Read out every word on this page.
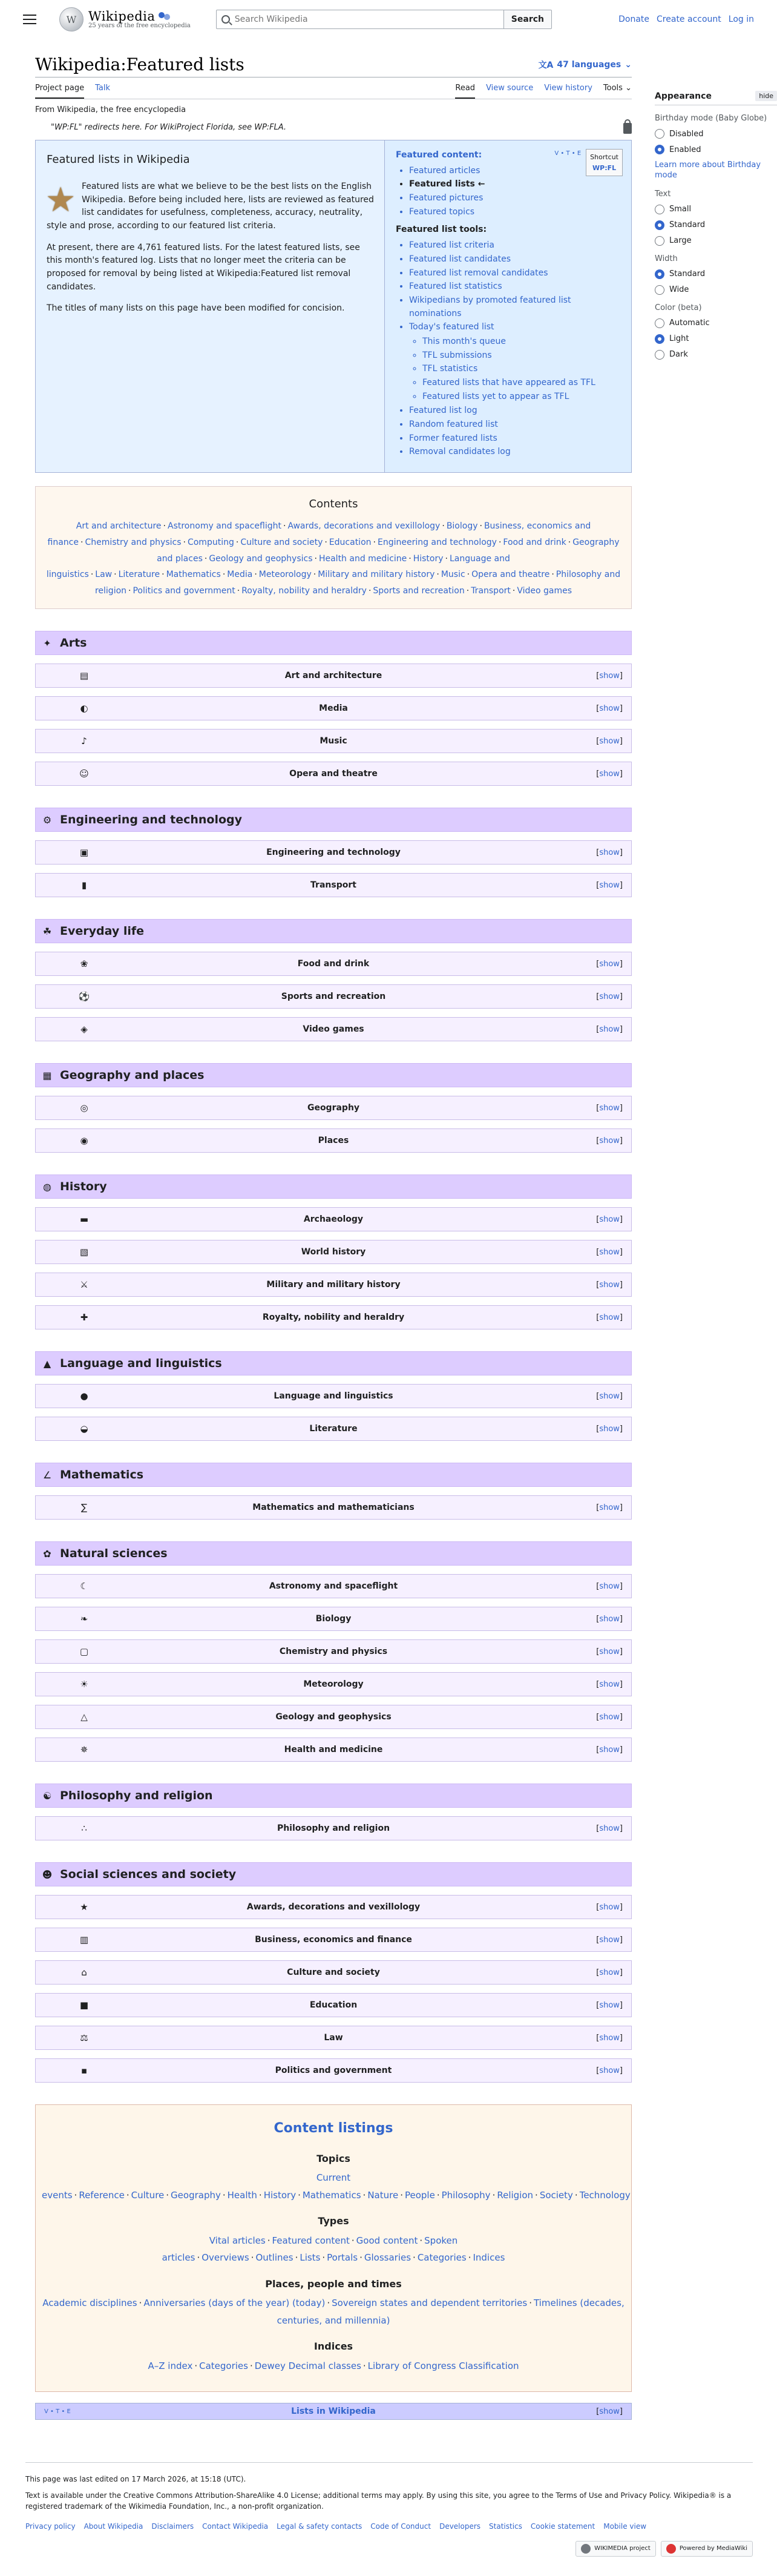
W
Wikipedia
25 years of the free encyclopedia
Search Wikipedia
Search	Donate Create account Log in
Wikipedia:Featured lists	文A 47 languages ⌄
Project page Talk	Read View source View history Tools ⌄
From Wikipedia, the free encyclopedia
"WP:FL" redirects here. For WikiProject Florida, see WP:FLA.
Featured lists in Wikipedia
★

Featured lists are what we believe to be the best lists on the English Wikipedia. Before being included here, lists are reviewed as featured list candidates for usefulness, completeness, accuracy, neutrality, style and prose, according to our featured list criteria.

At present, there are 4,761 featured lists. For the latest featured lists, see this month's featured log. Lists that no longer meet the criteria can be proposed for removal by being listed at Wikipedia:Featured list removal candidates.

The titles of many lists on this page have been modified for concision.

Shortcut
WP:FL
V • T • E
Featured content:
• Featured articles
• Featured lists ←
• Featured pictures
• Featured topics
Featured list tools:
• Featured list criteria
• Featured list candidates
• Featured list removal candidates
• Featured list statistics
• Wikipedians by promoted featured list nominations
• Today's featured list
◦ This month's queue
◦ TFL submissions
◦ TFL statistics
◦ Featured lists that have appeared as TFL
◦ Featured lists yet to appear as TFL
• Featured list log
• Random featured list
• Former featured lists
• Removal candidates log
Contents
Art and architecture · Astronomy and spaceflight · Awards, decorations and vexillology · Biology · Business, economics and finance · Chemistry and physics · Computing · Culture and society · Education · Engineering and technology · Food and drink · Geography and places · Geology and geophysics · Health and medicine · History · Language and linguistics · Law · Literature · Mathematics · Media · Meteorology · Military and military history · Music · Opera and theatre · Philosophy and religion · Politics and government · Royalty, nobility and heraldry · Sports and recreation · Transport · Video games
✦ Arts
▤	Art and architecture	[show]
◐	Media	[show]
♪	Music	[show]
☺	Opera and theatre	[show]
⚙ Engineering and technology
▣	Engineering and technology	[show]
▮	Transport	[show]
☘ Everyday life
❀	Food and drink	[show]
⚽	Sports and recreation	[show]
◈	Video games	[show]
▦ Geography and places
◎	Geography	[show]
◉	Places	[show]
◍ History
▬	Archaeology	[show]
▧	World history	[show]
⚔	Military and military history	[show]
✚	Royalty, nobility and heraldry	[show]
▲ Language and linguistics
●	Language and linguistics	[show]
◒	Literature	[show]
∠ Mathematics
∑	Mathematics and mathematicians	[show]
✿ Natural sciences
☾	Astronomy and spaceflight	[show]
❧	Biology	[show]
▢	Chemistry and physics	[show]
☀	Meteorology	[show]
△	Geology and geophysics	[show]
✵	Health and medicine	[show]
☯ Philosophy and religion
∴	Philosophy and religion	[show]
☻ Social sciences and society
★	Awards, decorations and vexillology	[show]
▥	Business, economics and finance	[show]
⌂	Culture and society	[show]
■	Education	[show]
⚖	Law	[show]
▪	Politics and government	[show]
Content listings
Topics
Current events · Reference · Culture · Geography · Health · History · Mathematics · Nature · People · Philosophy · Religion · Society · Technology
Types
Vital articles · Featured content · Good content · Spoken articles · Overviews · Outlines · Lists · Portals · Glossaries · Categories · Indices
Places, people and times
Academic disciplines · Anniversaries (days of the year) (today) · Sovereign states and dependent territories · Timelines (decades, centuries, and millennia)
Indices
A–Z index · Categories · Dewey Decimal classes · Library of Congress Classification
V • T • E	Lists in Wikipedia	[show]
Appearance	hide
Birthday mode (Baby Globe)
Disabled
Enabled
Learn more about Birthday mode
Text
Small
Standard
Large
Width
Standard
Wide
Color (beta)
Automatic
Light
Dark

This page was last edited on 17 March 2026, at 15:18 (UTC).

Text is available under the Creative Commons Attribution-ShareAlike 4.0 License; additional terms may apply. By using this site, you agree to the Terms of Use and Privacy Policy. Wikipedia® is a registered trademark of the Wikimedia Foundation, Inc., a non-profit organization.

Privacy policy About Wikipedia Disclaimers Contact Wikipedia Legal & safety contacts Code of Conduct Developers Statistics Cookie statement Mobile view
WIKIMEDIA project	Powered by MediaWiki
